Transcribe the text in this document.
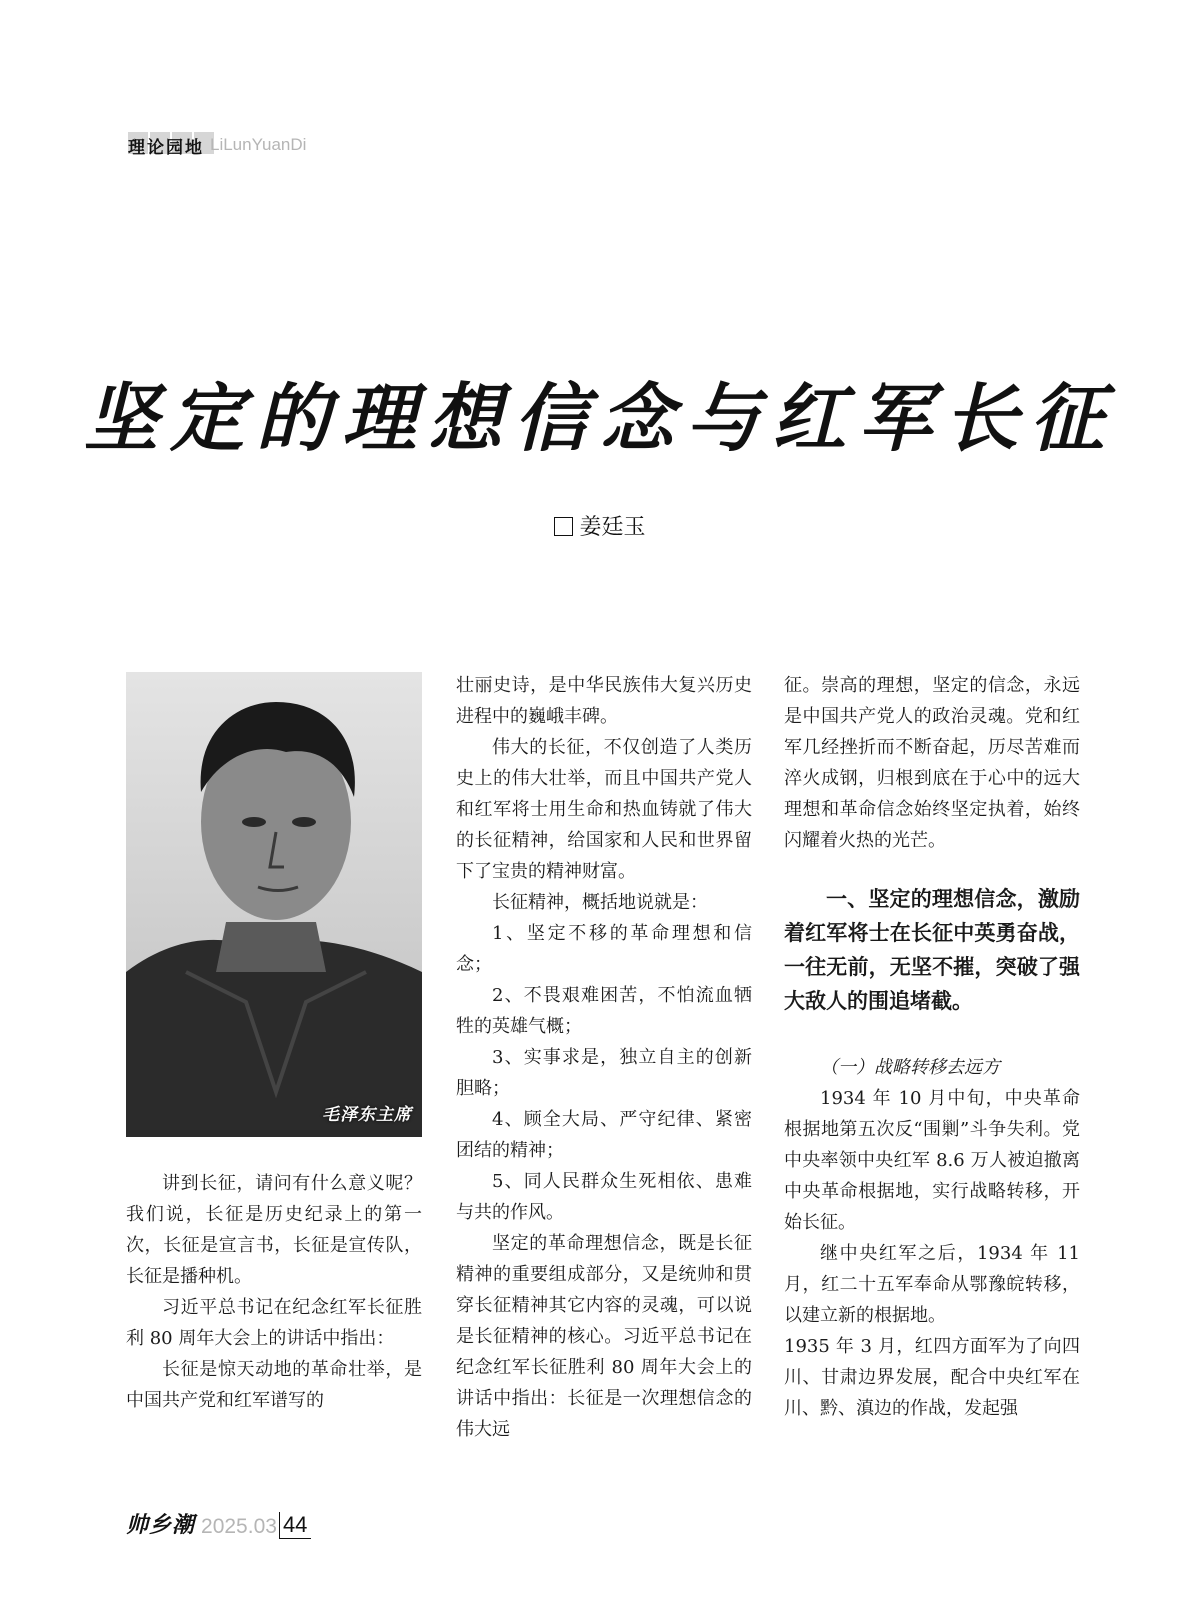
理论园地 LiLunYuanDi
坚定的理想信念与红军长征
姜廷玉
毛泽东主席

讲到长征，请问有什么意义呢？我们说，长征是历史纪录上的第一次，长征是宣言书，长征是宣传队，长征是播种机。

习近平总书记在纪念红军长征胜利 80 周年大会上的讲话中指出：

长征是惊天动地的革命壮举，是中国共产党和红军谱写的

壮丽史诗，是中华民族伟大复兴历史进程中的巍峨丰碑。

伟大的长征，不仅创造了人类历史上的伟大壮举，而且中国共产党人和红军将士用生命和热血铸就了伟大的长征精神，给国家和人民和世界留下了宝贵的精神财富。

长征精神，概括地说就是：

1、坚定不移的革命理想和信念；

2、不畏艰难困苦，不怕流血牺牲的英雄气概；

3、实事求是，独立自主的创新胆略；

4、顾全大局、严守纪律、紧密团结的精神；

5、同人民群众生死相依、患难与共的作风。

坚定的革命理想信念，既是长征精神的重要组成部分，又是统帅和贯穿长征精神其它内容的灵魂，可以说是长征精神的核心。习近平总书记在纪念红军长征胜利 80 周年大会上的讲话中指出：长征是一次理想信念的伟大远

征。崇高的理想，坚定的信念，永远是中国共产党人的政治灵魂。党和红军几经挫折而不断奋起，历尽苦难而淬火成钢，归根到底在于心中的远大理想和革命信念始终坚定执着，始终闪耀着火热的光芒。

一、坚定的理想信念，激励着红军将士在长征中英勇奋战，一往无前，无坚不摧，突破了强大敌人的围追堵截。

（一）战略转移去远方

1934 年 10 月中旬，中央革命根据地第五次反“围剿”斗争失利。党中央率领中央红军 8.6 万人被迫撤离中央革命根据地，实行战略转移，开始长征。

继中央红军之后，1934 年 11 月，红二十五军奉命从鄂豫皖转移，以建立新的根据地。

1935 年 3 月，红四方面军为了向四川、甘肃边界发展，配合中央红军在川、黔、滇边的作战，发起强

帅乡潮 2025.03 44
